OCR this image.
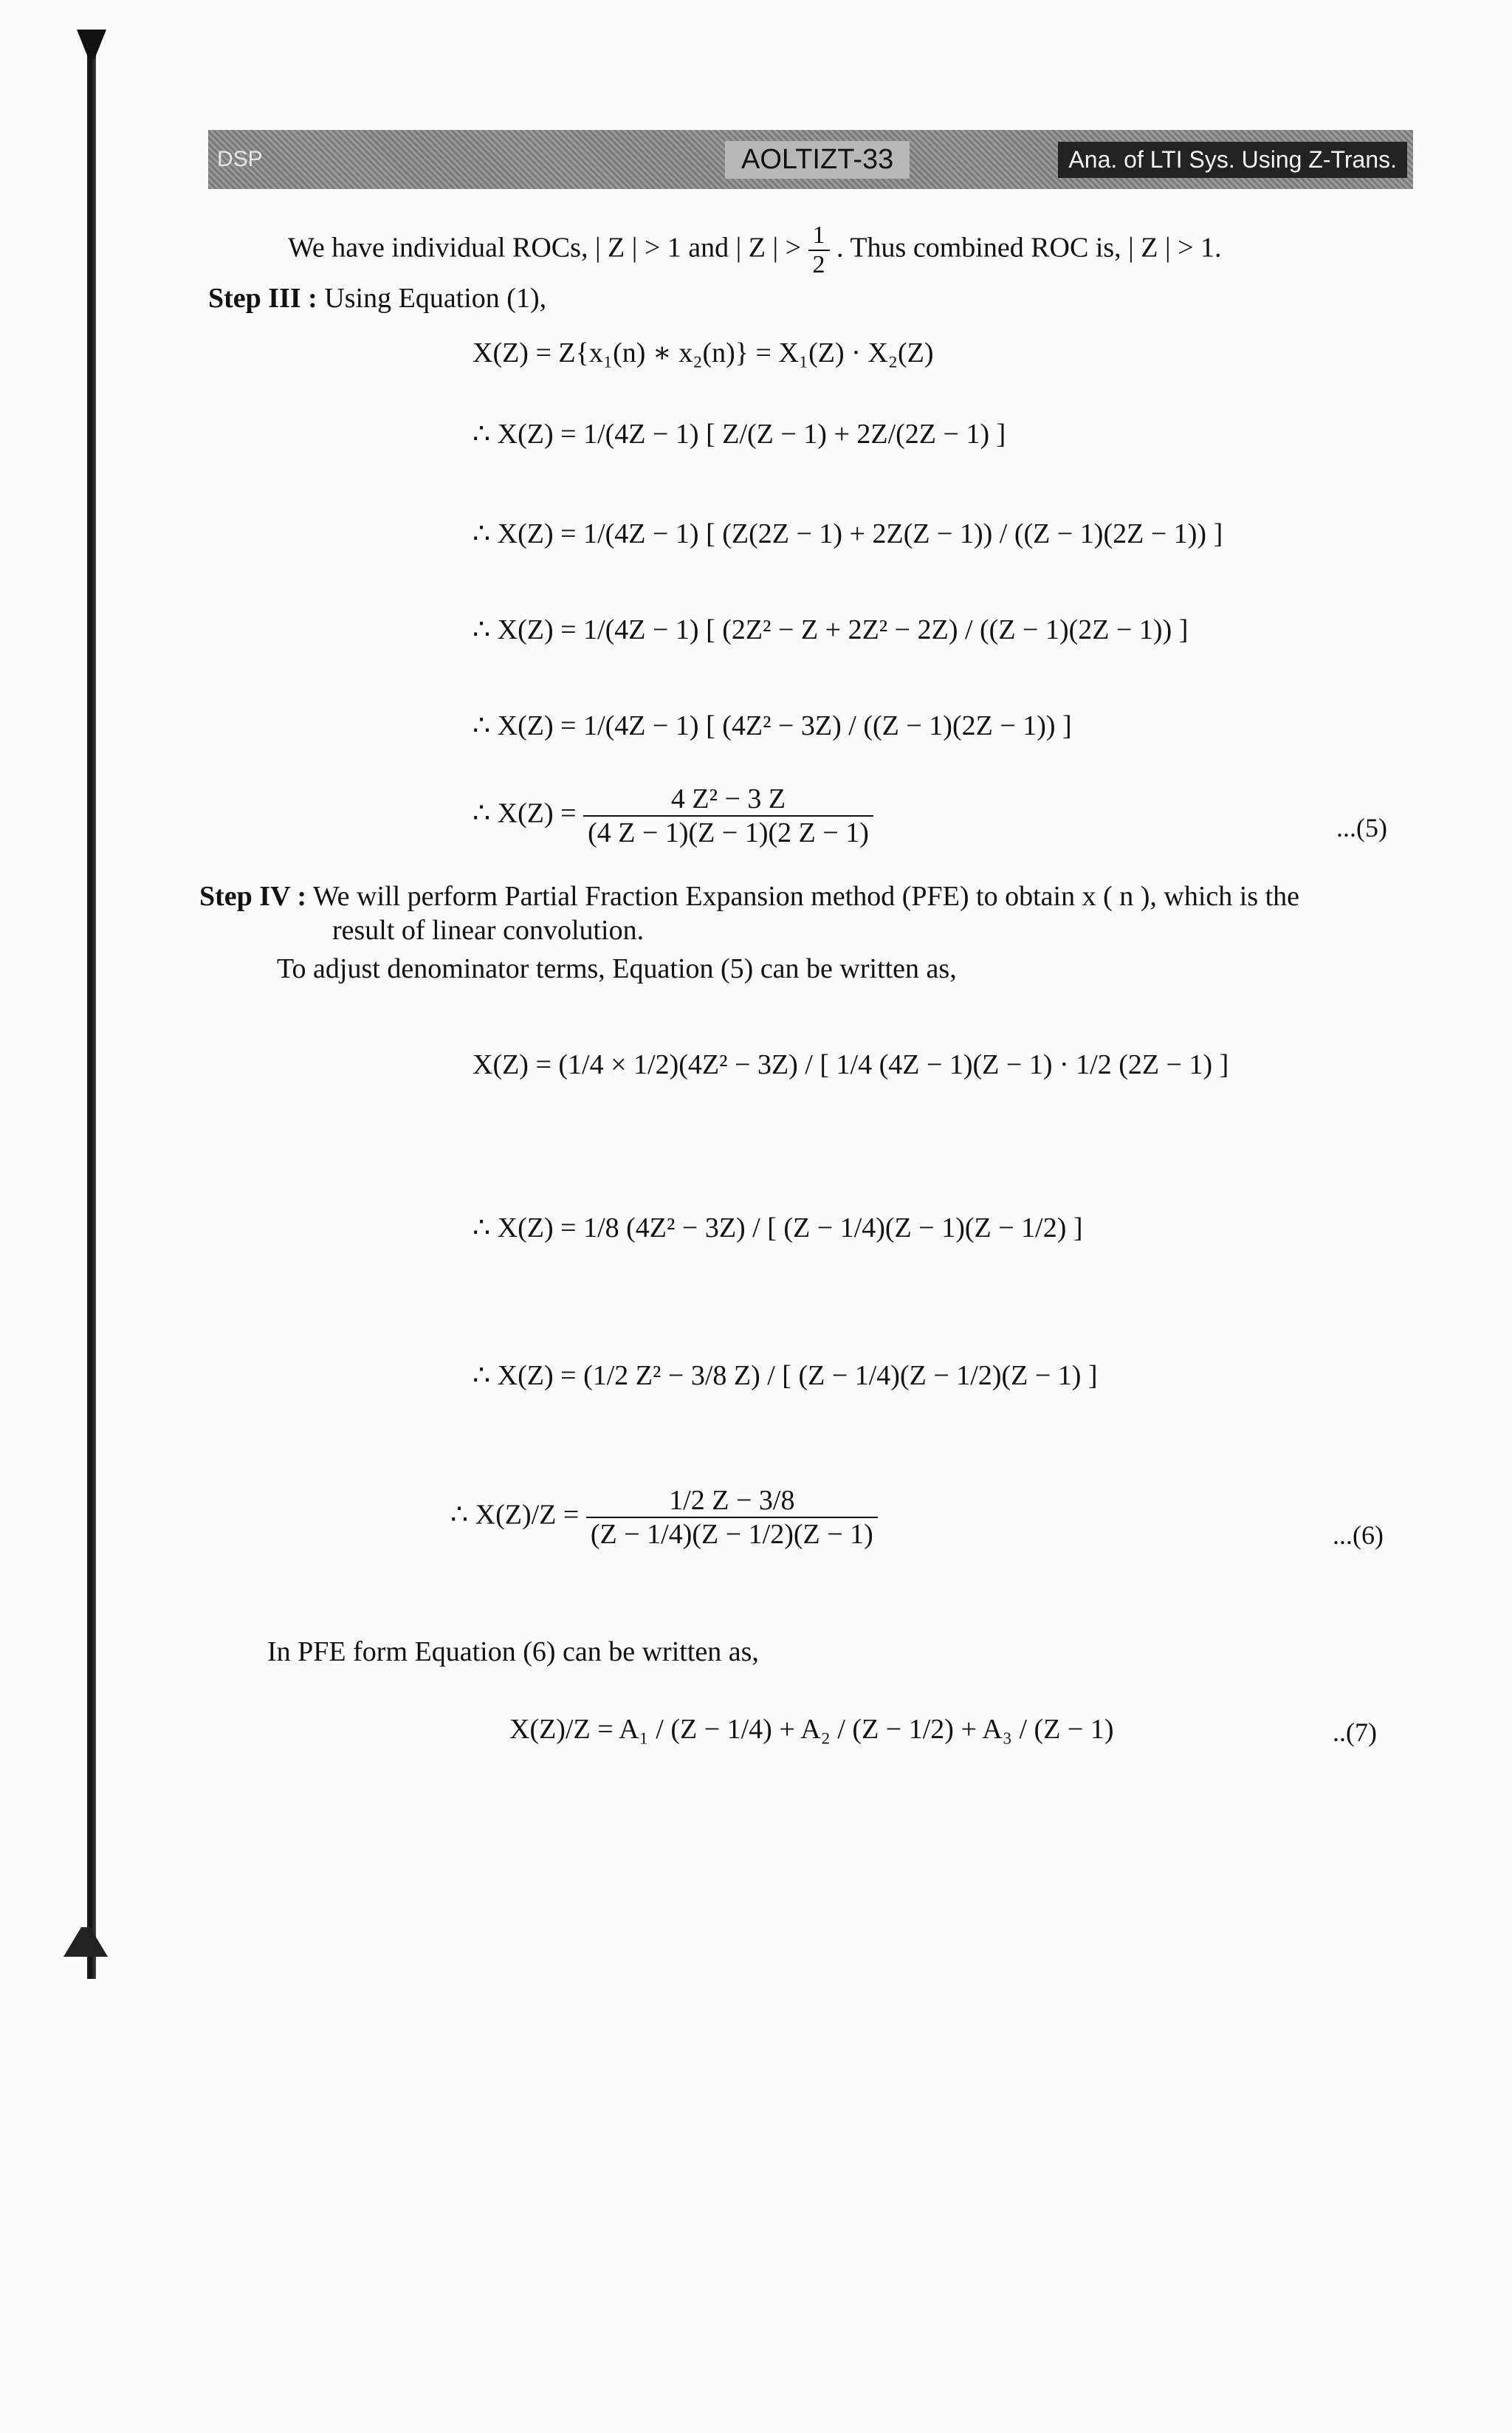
DSP	AOLTIZT-33	Ana. of LTI Sys. Using Z-Trans.
We have individual ROCs, | Z | > 1 and | Z | > $\frac{1}{2}$ . Thus combined ROC is, | Z | > 1.
Step III : Using Equation (1),
X(Z) = Z{x₁(n) ∗ x₂(n)} = X₁(Z) · X₂(Z)
∴ X(Z) = 1/(4Z − 1) [ Z/(Z − 1) + 2Z/(2Z − 1) ]
∴ X(Z) = 1/(4Z − 1) [ (Z(2Z − 1) + 2Z(Z − 1)) / ((Z − 1)(2Z − 1)) ]
∴ X(Z) = 1/(4Z − 1) [ (2Z² − Z + 2Z² − 2Z) / ((Z − 1)(2Z − 1)) ]
∴ X(Z) = 1/(4Z − 1) [ (4Z² − 3Z) / ((Z − 1)(2Z − 1)) ]
∴ $X(Z) = \frac{\text{4 Z² − 3 Z}}{(4 Z - 1)(Z - 1)(2 Z - 1)}$	...(5)
Step IV : We will perform Partial Fraction Expansion method (PFE) to obtain x ( n ), which is the
result of linear convolution.
To adjust denominator terms, Equation (5) can be written as,
X(Z) = (1/4 × 1/2)(4Z² − 3Z) / [ 1/4 (4Z − 1)(Z − 1) · 1/2 (2Z − 1) ]
∴ X(Z) = 1/8 (4Z² − 3Z) / [ (Z − 1/4)(Z − 1)(Z − 1/2) ]
∴ X(Z) = (1/2 Z² − 3/8 Z) / [ (Z − 1/4)(Z − 1/2)(Z − 1) ]
∴ $X(Z)/Z = \frac{1/2 Z - 3/8}{(Z - 1/4)(Z - 1/2)(Z - 1)}$	...(6)
In PFE form Equation (6) can be written as,
X(Z)/Z = A₁ / (Z − 1/4) + A₂ / (Z − 1/2) + A₃ / (Z − 1)	..(7)
